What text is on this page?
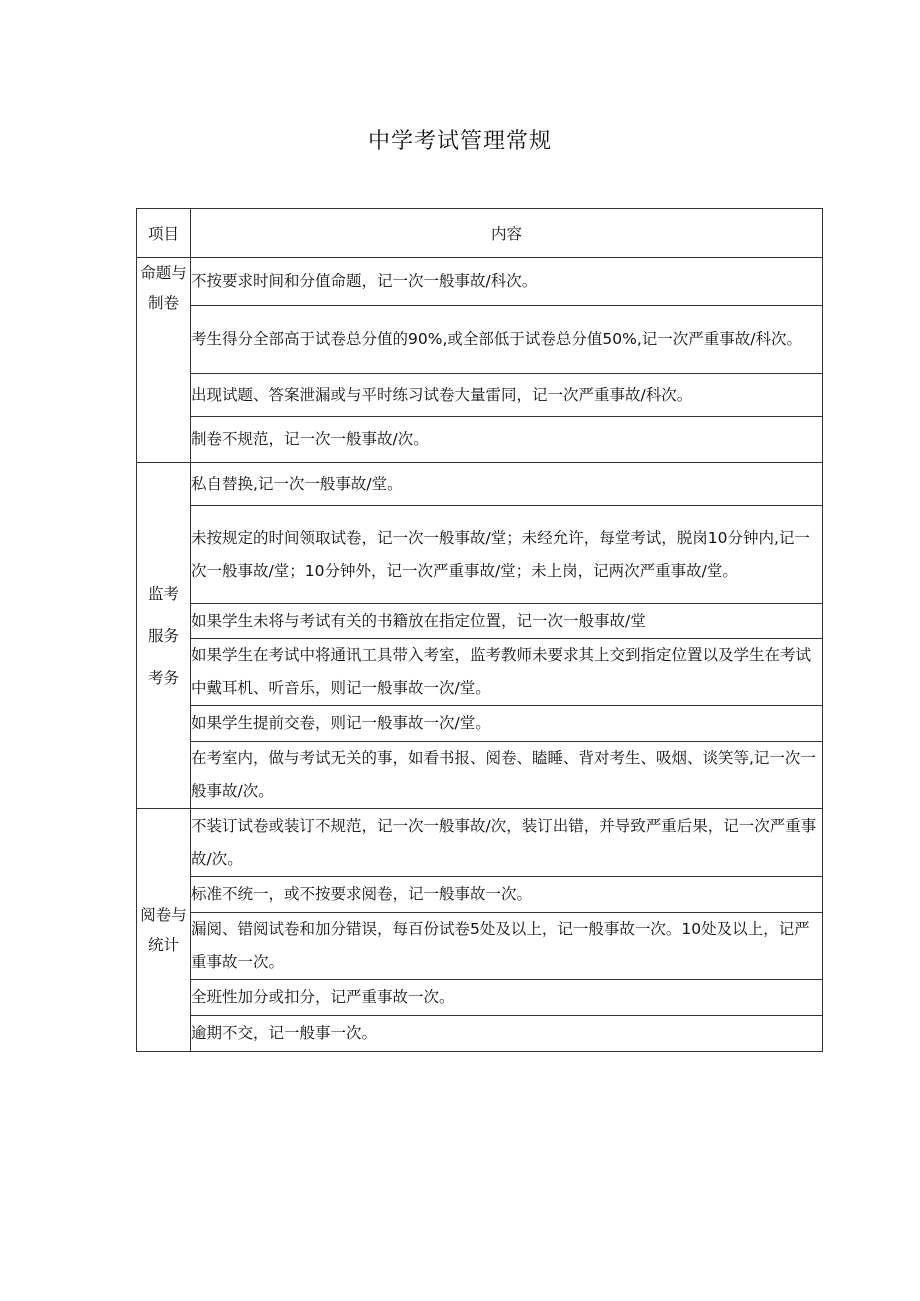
中学考试管理常规
项目	内容

命题与
制卷	不按要求时间和分值命题，记一次一般事故/科次。
	考生得分全部高于试卷总分值的90%,或全部低于试卷总分值50%,记一次严重事故/科次。
	出现试题、答案泄漏或与平时练习试卷大量雷同，记一次严重事故/科次。
	制卷不规范，记一次一般事故/次。

监考
服务
考务	私自替换,记一次一般事故/堂。
	未按规定的时间领取试卷，记一次一般事故/堂；未经允许，每堂考试，脱岗10分钟内,记一次一般事故/堂；10分钟外，记一次严重事故/堂；未上岗，记两次严重事故/堂。
	如果学生未将与考试有关的书籍放在指定位置，记一次一般事故/堂
	如果学生在考试中将通讯工具带入考室，监考教师未要求其上交到指定位置以及学生在考试中戴耳机、听音乐，则记一般事故一次/堂。
	如果学生提前交卷，则记一般事故一次/堂。
	在考室内，做与考试无关的事，如看书报、阅卷、瞌睡、背对考生、吸烟、谈笑等,记一次一般事故/次。

阅卷与
统计	不装订试卷或装订不规范，记一次一般事故/次，装订出错，并导致严重后果，记一次严重事故/次。
	标准不统一，或不按要求阅卷，记一般事故一次。
	漏阅、错阅试卷和加分错误，每百份试卷5处及以上，记一般事故一次。10处及以上，记严重事故一次。
	全班性加分或扣分，记严重事故一次。
	逾期不交，记一般事一次。
